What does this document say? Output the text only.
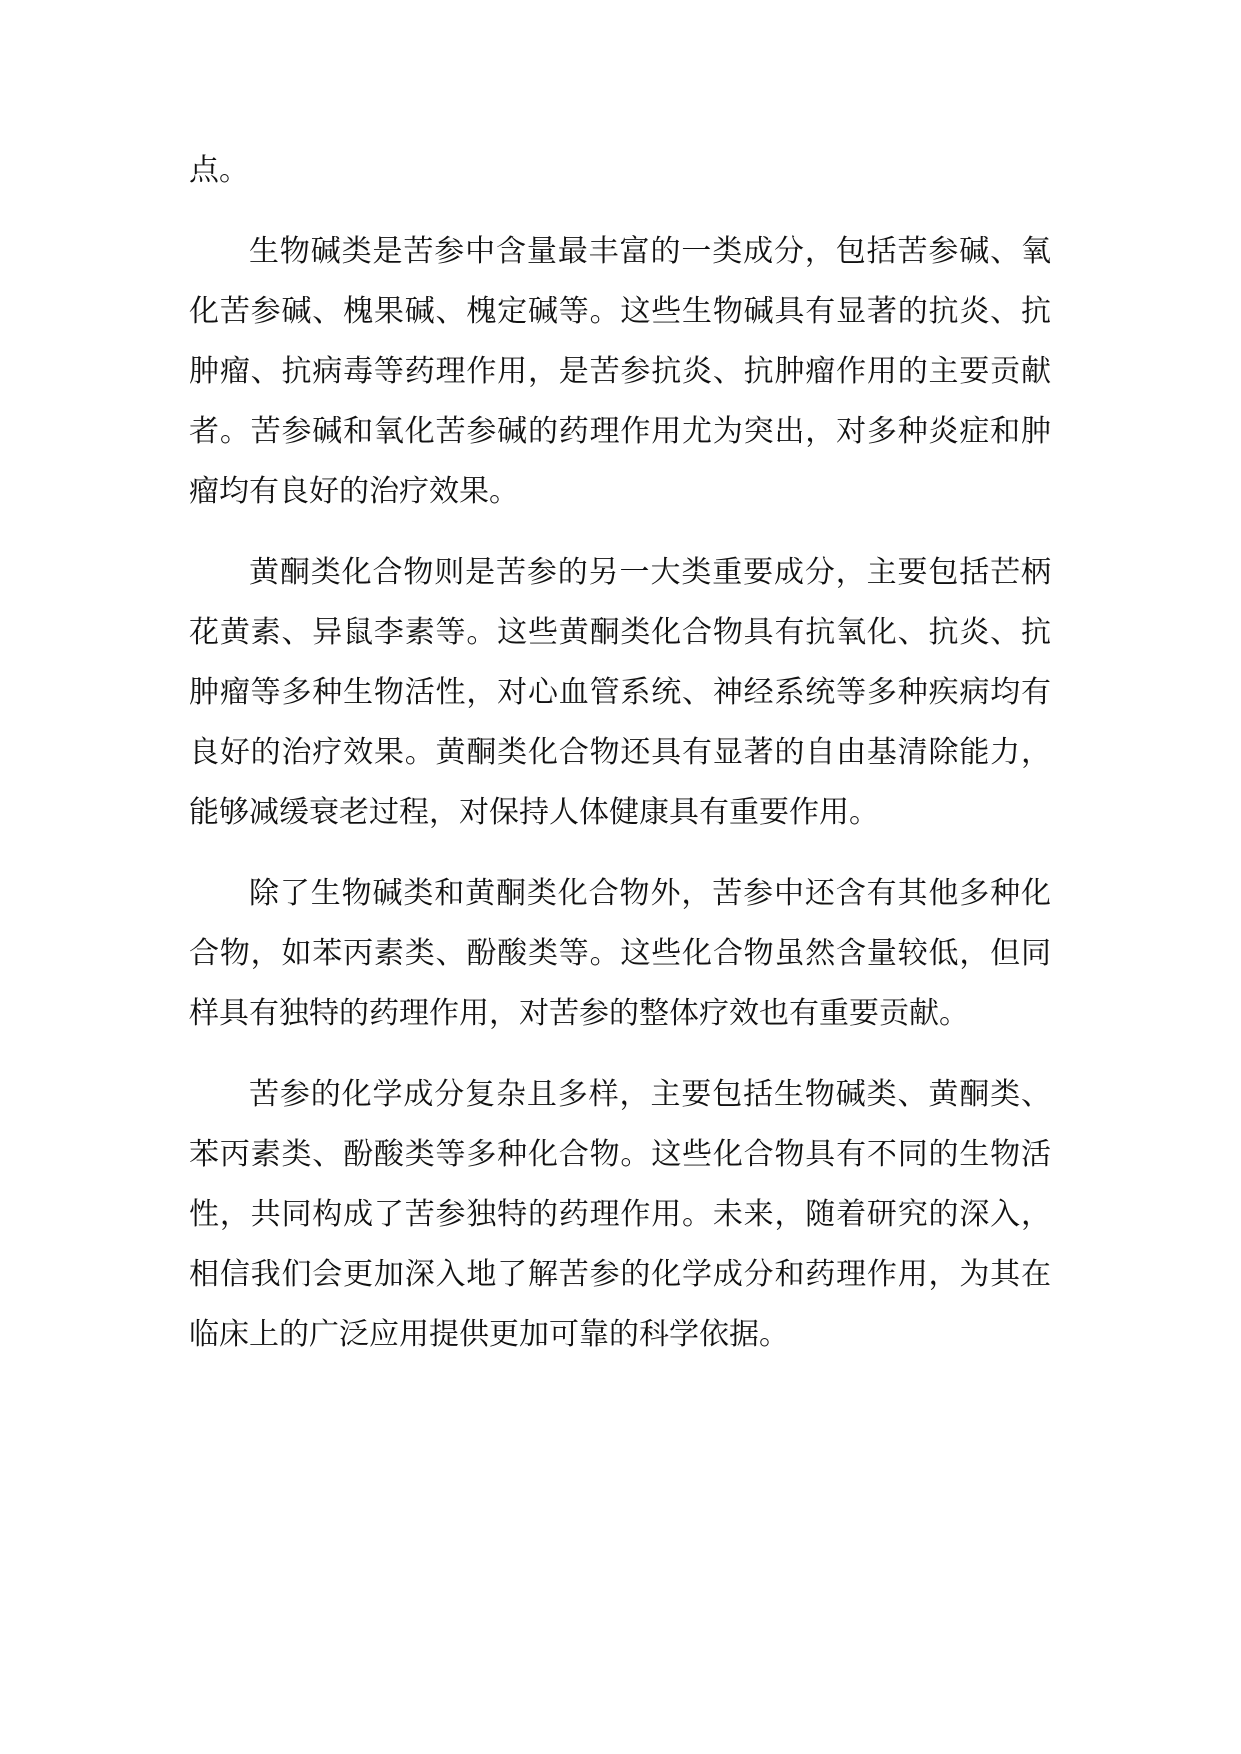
点。

生物碱类是苦参中含量最丰富的一类成分，包括苦参碱、氧化苦参碱、槐果碱、槐定碱等。这些生物碱具有显著的抗炎、抗肿瘤、抗病毒等药理作用，是苦参抗炎、抗肿瘤作用的主要贡献者。苦参碱和氧化苦参碱的药理作用尤为突出，对多种炎症和肿瘤均有良好的治疗效果。

黄酮类化合物则是苦参的另一大类重要成分，主要包括芒柄花黄素、异鼠李素等。这些黄酮类化合物具有抗氧化、抗炎、抗肿瘤等多种生物活性，对心血管系统、神经系统等多种疾病均有良好的治疗效果。黄酮类化合物还具有显著的自由基清除能力，能够减缓衰老过程，对保持人体健康具有重要作用。

除了生物碱类和黄酮类化合物外，苦参中还含有其他多种化合物，如苯丙素类、酚酸类等。这些化合物虽然含量较低，但同样具有独特的药理作用，对苦参的整体疗效也有重要贡献。

苦参的化学成分复杂且多样，主要包括生物碱类、黄酮类、苯丙素类、酚酸类等多种化合物。这些化合物具有不同的生物活性，共同构成了苦参独特的药理作用。未来，随着研究的深入，相信我们会更加深入地了解苦参的化学成分和药理作用，为其在临床上的广泛应用提供更加可靠的科学依据。
